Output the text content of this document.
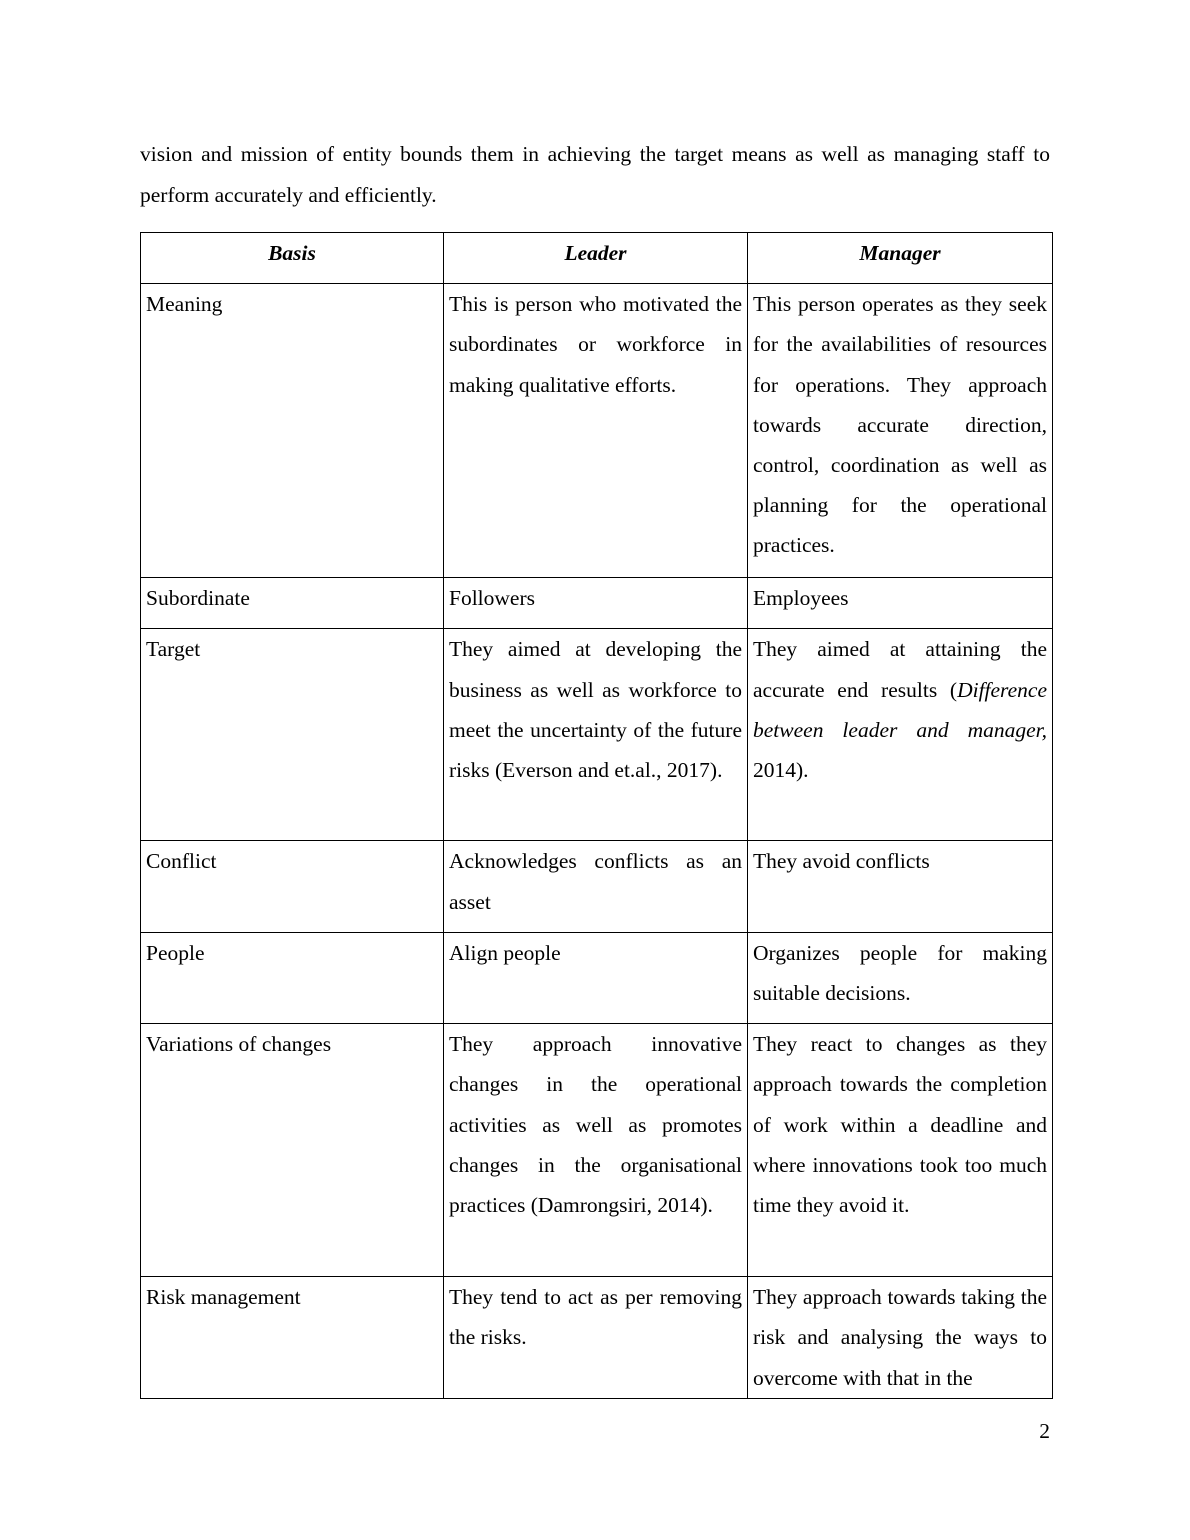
vision and mission of entity bounds them in achieving the target means as well as managing staff to perform accurately and efficiently.

Basis	Leader	Manager
Meaning	This is person who motivated the subordinates or workforce in making qualitative efforts.	This person operates as they seek for the availabilities of resources for operations. They approach towards accurate direction, control, coordination as well as planning for the operational practices.
Subordinate	Followers	Employees
Target	They aimed at developing the business as well as workforce to meet the uncertainty of the future risks (Everson and et.al., 2017).	They aimed at attaining the accurate end results (Difference between leader and manager, 2014).
Conflict	Acknowledges conflicts as an asset	They avoid conflicts
People	Align people	Organizes people for making suitable decisions.
Variations of changes	They approach innovative changes in the operational activities as well as promotes changes in the organisational practices (Damrongsiri, 2014).	They react to changes as they approach towards the completion of work within a deadline and where innovations took too much time they avoid it.
Risk management	They tend to act as per removing the risks.	They approach towards taking the risk and analysing the ways to overcome with that in the
2
